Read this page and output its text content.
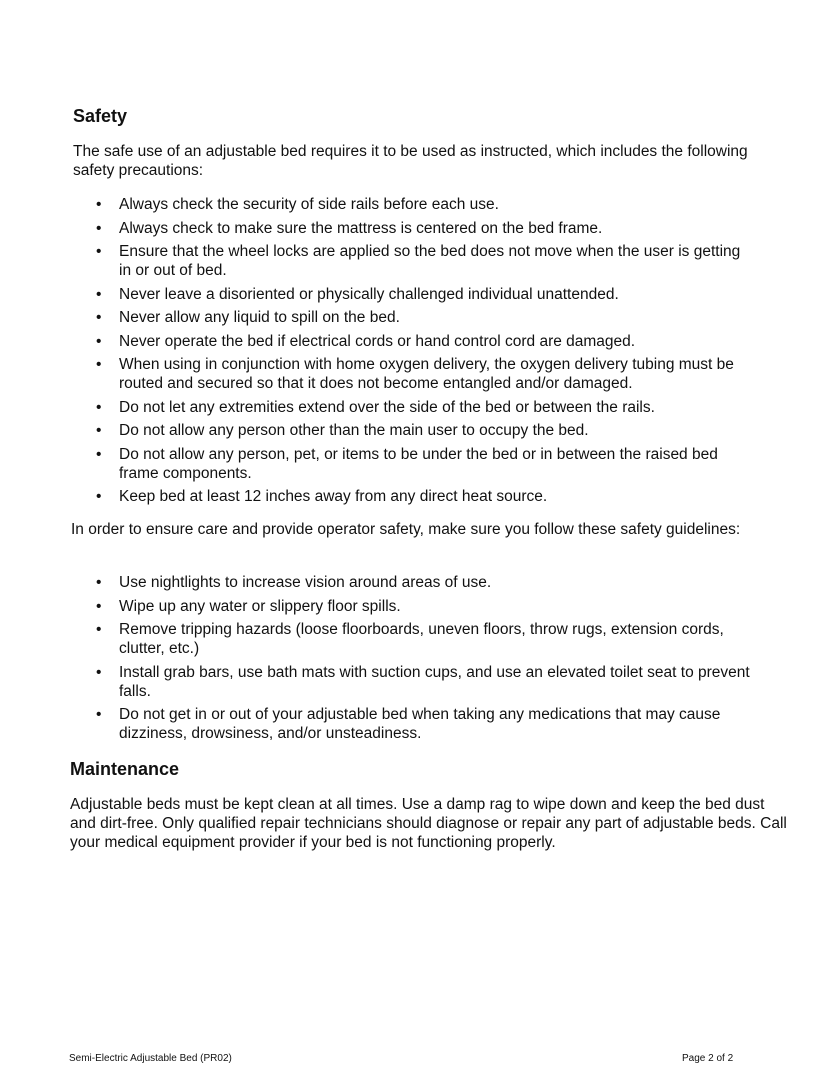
Safety

The safe use of an adjustable bed requires it to be used as instructed, which includes the following safety precautions:

• Always check the security of side rails before each use.
• Always check to make sure the mattress is centered on the bed frame.
• Ensure that the wheel locks are applied so the bed does not move when the user is getting in or out of bed.
• Never leave a disoriented or physically challenged individual unattended.
• Never allow any liquid to spill on the bed.
• Never operate the bed if electrical cords or hand control cord are damaged.
• When using in conjunction with home oxygen delivery, the oxygen delivery tubing must be routed and secured so that it does not become entangled and/or damaged.
• Do not let any extremities extend over the side of the bed or between the rails.
• Do not allow any person other than the main user to occupy the bed.
• Do not allow any person, pet, or items to be under the bed or in between the raised bed frame components.
• Keep bed at least 12 inches away from any direct heat source.

In order to ensure care and provide operator safety, make sure you follow these safety guidelines:

• Use nightlights to increase vision around areas of use.
• Wipe up any water or slippery floor spills.
• Remove tripping hazards (loose floorboards, uneven floors, throw rugs, extension cords, clutter, etc.)
• Install grab bars, use bath mats with suction cups, and use an elevated toilet seat to prevent falls.
• Do not get in or out of your adjustable bed when taking any medications that may cause dizziness, drowsiness, and/or unsteadiness.
Maintenance

Adjustable beds must be kept clean at all times. Use a damp rag to wipe down and keep the bed dust and dirt-free. Only qualified repair technicians should diagnose or repair any part of adjustable beds. Call your medical equipment provider if your bed is not functioning properly.

Semi-Electric Adjustable Bed (PR02)	Page 2 of 2
